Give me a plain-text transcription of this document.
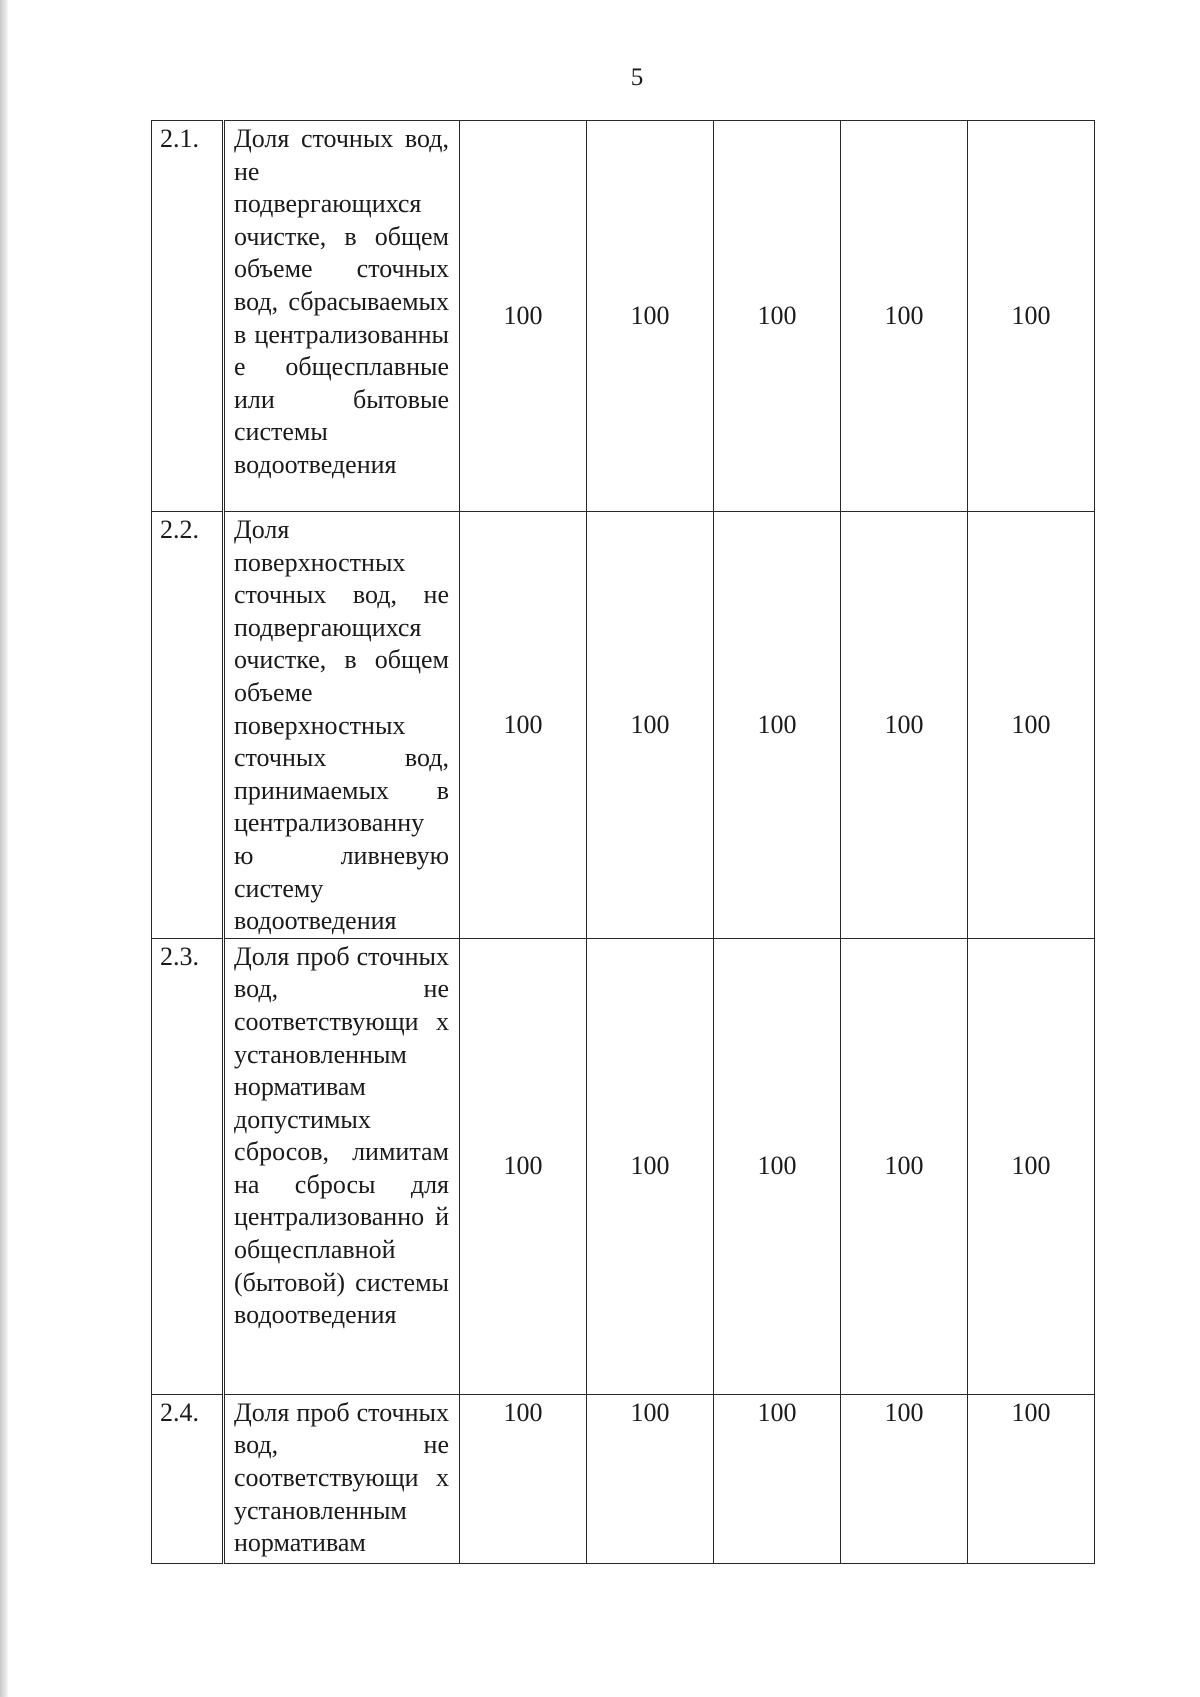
5
2.1.	Доля сточных вод, не подвергающихся очистке, в общем объеме сточных вод, сбрасываемых в централизованны е общесплавные или бытовые системы водоотведения	100	100	100	100	100
2.2.	Доля поверхностных сточных вод, не подвергающихся очистке, в общем объеме поверхностных сточных вод, принимаемых в централизованну ю ливневую систему водоотведения	100	100	100	100	100
2.3.	Доля проб сточных вод, не соответствующи х установленным нормативам допустимых сбросов, лимитам на сбросы для централизованно й общесплавной (бытовой) системы водоотведения	100	100	100	100	100
2.4.	Доля проб сточных вод, не соответствующи х установленным нормативам	100	100	100	100	100
